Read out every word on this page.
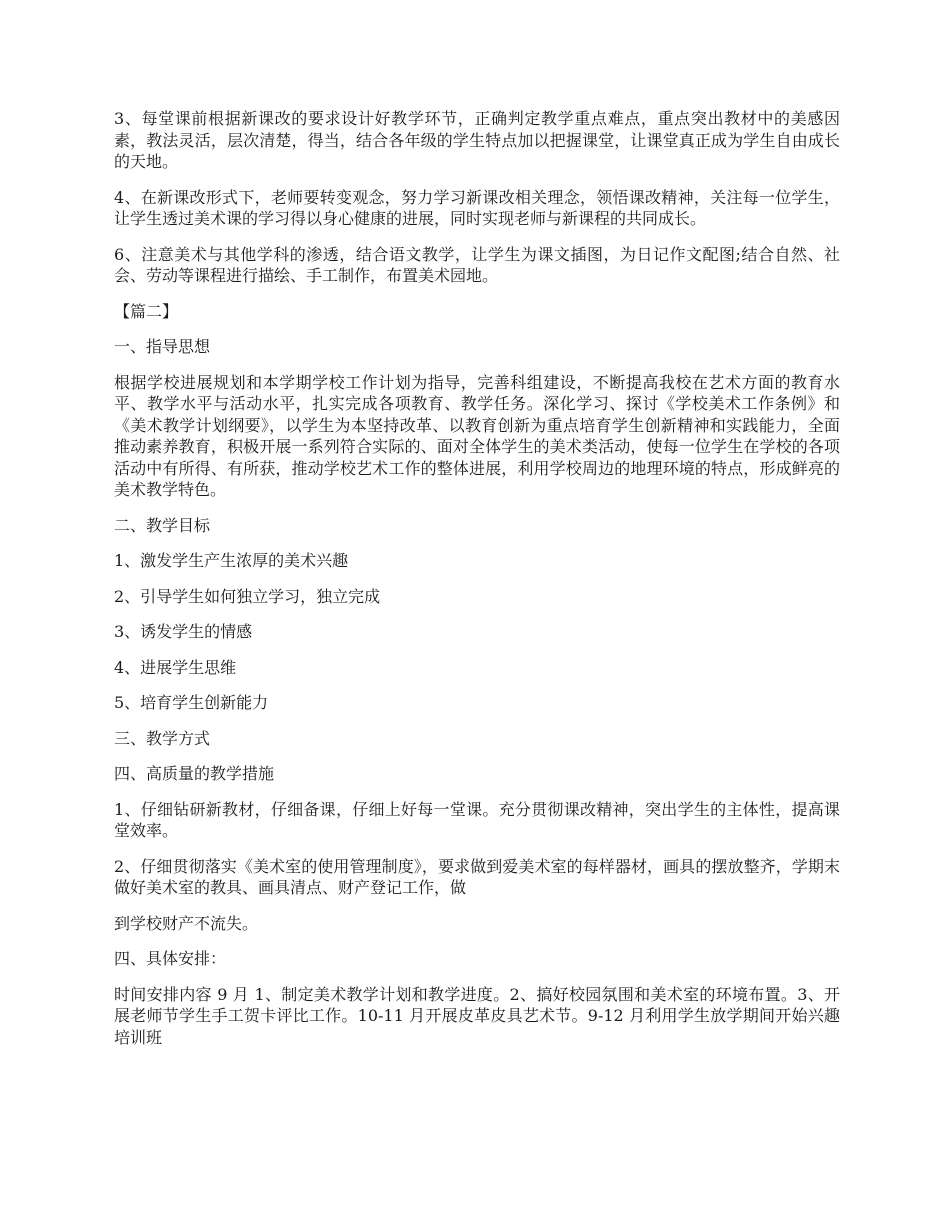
3、每堂课前根据新课改的要求设计好教学环节，正确判定教学重点难点，重点突出教材中的美感因素，教法灵活，层次清楚，得当，结合各年级的学生特点加以把握课堂，让课堂真正成为学生自由成长的天地。

4、在新课改形式下，老师要转变观念，努力学习新课改相关理念，领悟课改精神，关注每一位学生，让学生透过美术课的学习得以身心健康的进展，同时实现老师与新课程的共同成长。

6、注意美术与其他学科的渗透，结合语文教学，让学生为课文插图，为日记作文配图;结合自然、社会、劳动等课程进行描绘、手工制作，布置美术园地。

【篇二】

一、指导思想

根据学校进展规划和本学期学校工作计划为指导，完善科组建设，不断提高我校在艺术方面的教育水平、教学水平与活动水平，扎实完成各项教育、教学任务。深化学习、探讨《学校美术工作条例》和《美术教学计划纲要》，以学生为本坚持改革、以教育创新为重点培育学生创新精神和实践能力，全面推动素养教育，积极开展一系列符合实际的、面对全体学生的美术类活动，使每一位学生在学校的各项活动中有所得、有所获，推动学校艺术工作的整体进展，利用学校周边的地理环境的特点，形成鲜亮的美术教学特色。

二、教学目标

1、激发学生产生浓厚的美术兴趣

2、引导学生如何独立学习，独立完成

3、诱发学生的情感

4、进展学生思维

5、培育学生创新能力

三、教学方式

四、高质量的教学措施

1、仔细钻研新教材，仔细备课，仔细上好每一堂课。充分贯彻课改精神，突出学生的主体性，提高课堂效率。

2、仔细贯彻落实《美术室的使用管理制度》，要求做到爱美术室的每样器材，画具的摆放整齐，学期末做好美术室的教具、画具清点、财产登记工作，做

到学校财产不流失。

四、具体安排：

时间安排内容 9 月 1、制定美术教学计划和教学进度。2、搞好校园氛围和美术室的环境布置。3、开展老师节学生手工贺卡评比工作。10-11 月开展皮革皮具艺术节。9-12 月利用学生放学期间开始兴趣培训班
